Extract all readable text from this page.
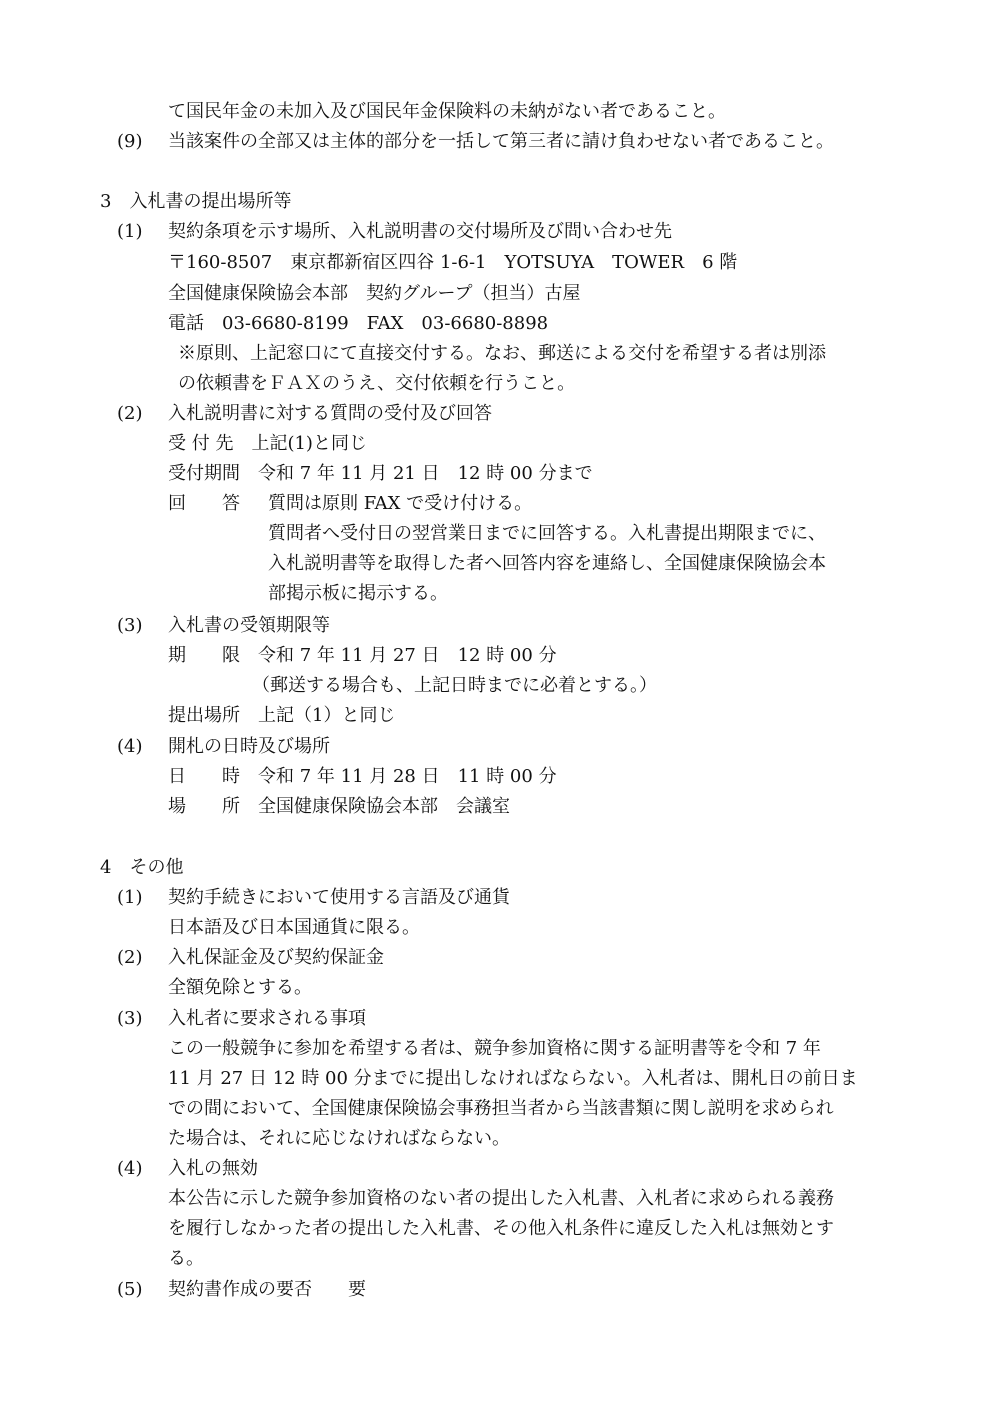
て国民年金の未加入及び国民年金保険料の未納がない者であること。
(9) 当該案件の全部又は主体的部分を一括して第三者に請け負わせない者であること。
3　入札書の提出場所等
(1) 契約条項を示す場所、入札説明書の交付場所及び問い合わせ先
〒160-8507　東京都新宿区四谷 1-6-1　YOTSUYA　TOWER　6 階
全国健康保険協会本部　契約グループ（担当）古屋
電話　03-6680-8199　FAX　03-6680-8898
※原則、上記窓口にて直接交付する。なお、郵送による交付を希望する者は別添
の依頼書をＦＡＸのうえ、交付依頼を行うこと。
(2) 入札説明書に対する質問の受付及び回答
受 付 先　上記(1)と同じ
受付期間　令和 7 年 11 月 21 日　12 時 00 分まで
回　　答 質問は原則 FAX で受け付ける。
質問者へ受付日の翌営業日までに回答する。入札書提出期限までに、
入札説明書等を取得した者へ回答内容を連絡し、全国健康保険協会本
部掲示板に掲示する。
(3) 入札書の受領期限等
期　　限　令和 7 年 11 月 27 日　12 時 00 分
（郵送する場合も、上記日時までに必着とする。）
提出場所　上記（1）と同じ
(4) 開札の日時及び場所
日　　時　令和 7 年 11 月 28 日　11 時 00 分
場　　所　全国健康保険協会本部　会議室
4　その他
(1) 契約手続きにおいて使用する言語及び通貨
日本語及び日本国通貨に限る。
(2) 入札保証金及び契約保証金
全額免除とする。
(3) 入札者に要求される事項
この一般競争に参加を希望する者は、競争参加資格に関する証明書等を令和 7 年
11 月 27 日 12 時 00 分までに提出しなければならない。入札者は、開札日の前日ま
での間において、全国健康保険協会事務担当者から当該書類に関し説明を求められ
た場合は、それに応じなければならない。
(4) 入札の無効
本公告に示した競争参加資格のない者の提出した入札書、入札者に求められる義務
を履行しなかった者の提出した入札書、その他入札条件に違反した入札は無効とす
る。
(5) 契約書作成の要否　　要
